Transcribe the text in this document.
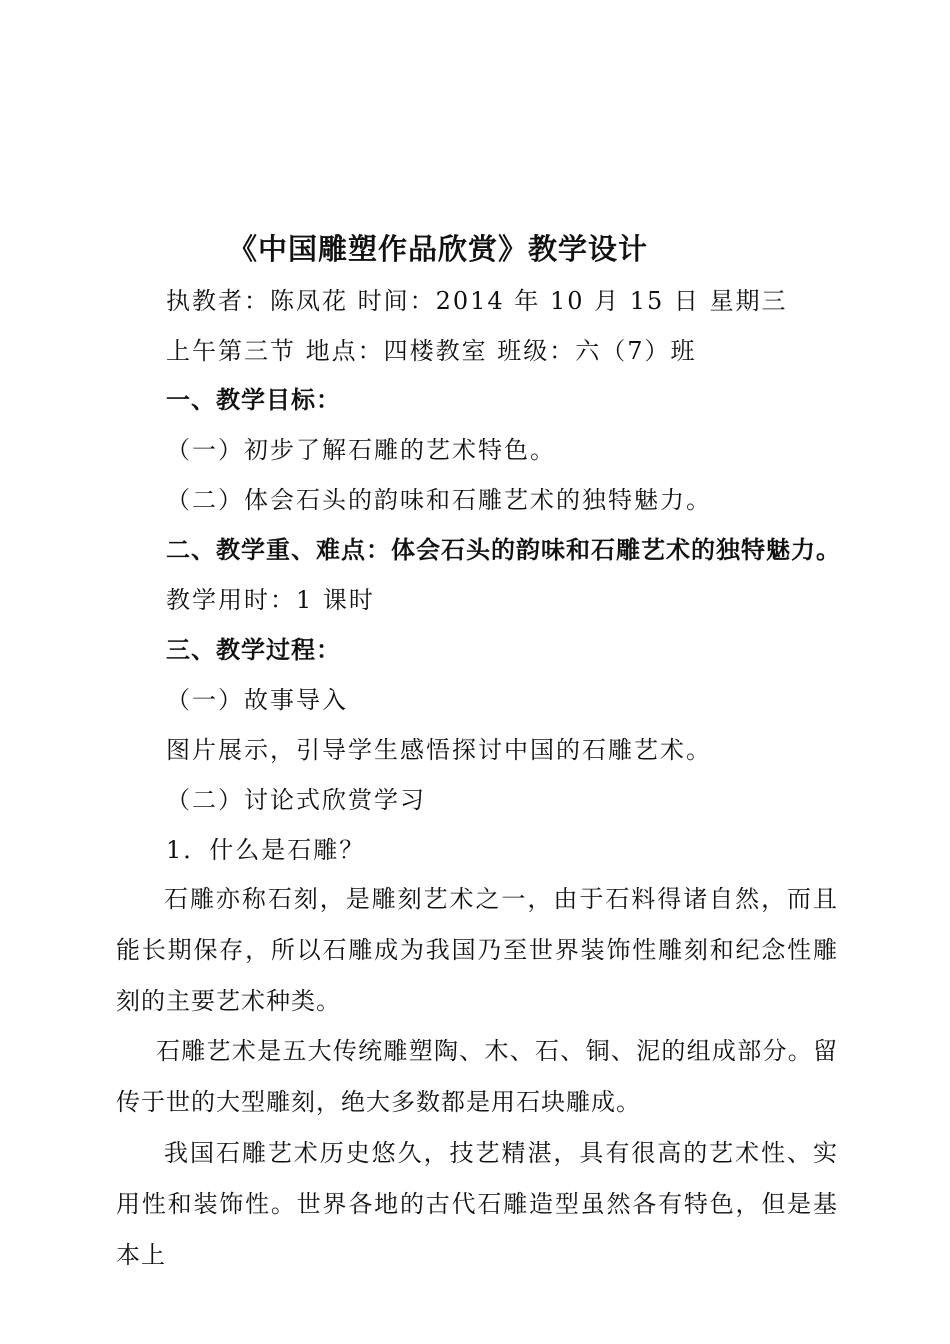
《中国雕塑作品欣赏》教学设计
执教者：陈凤花 时间：2014 年 10 月 15 日 星期三
上午第三节 地点：四楼教室 班级：六（7）班
一、教学目标：
（一）初步了解石雕的艺术特色。
（二）体会石头的韵味和石雕艺术的独特魅力。
二、教学重、难点：体会石头的韵味和石雕艺术的独特魅力。
教学用时：1 课时
三、教学过程：
（一）故事导入
图片展示，引导学生感悟探讨中国的石雕艺术。
（二）讨论式欣赏学习
1．什么是石雕？
石雕亦称石刻，是雕刻艺术之一，由于石料得诸自然，而且能长期保存，所以石雕成为我国乃至世界装饰性雕刻和纪念性雕刻的主要艺术种类。
石雕艺术是五大传统雕塑陶、木、石、铜、泥的组成部分。留传于世的大型雕刻，绝大多数都是用石块雕成。
我国石雕艺术历史悠久，技艺精湛，具有很高的艺术性、实用性和装饰性。世界各地的古代石雕造型虽然各有特色，但是基本上
